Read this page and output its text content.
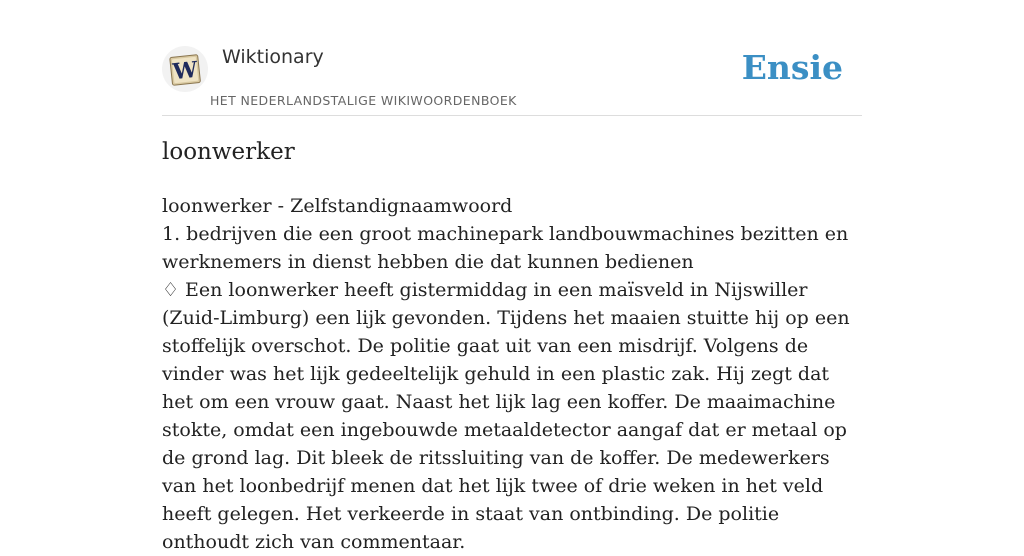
W Wiktionary
HET NEDERLANDSTALIGE WIKIWOORDENBOEK
Ensie
loonwerker

loonwerker - Zelfstandignaamwoord

1. bedrijven die een groot machinepark landbouwmachines bezitten en werknemers in dienst hebben die dat kunnen bedienen

♢ Een loonwerker heeft gistermiddag in een maïsveld in Nijswiller (Zuid-Limburg) een lijk gevonden. Tijdens het maaien stuitte hij op een stoffelijk overschot. De politie gaat uit van een misdrijf. Volgens de vinder was het lijk gedeeltelijk gehuld in een plastic zak. Hij zegt dat het om een vrouw gaat. Naast het lijk lag een koffer. De maaimachine stokte, omdat een ingebouwde metaaldetector aangaf dat er metaal op de grond lag. Dit bleek de ritssluiting van de koffer. De medewerkers van het loonbedrijf menen dat het lijk twee of drie weken in het veld heeft gelegen. Het verkeerde in staat van ontbinding. De politie onthoudt zich van commentaar.
